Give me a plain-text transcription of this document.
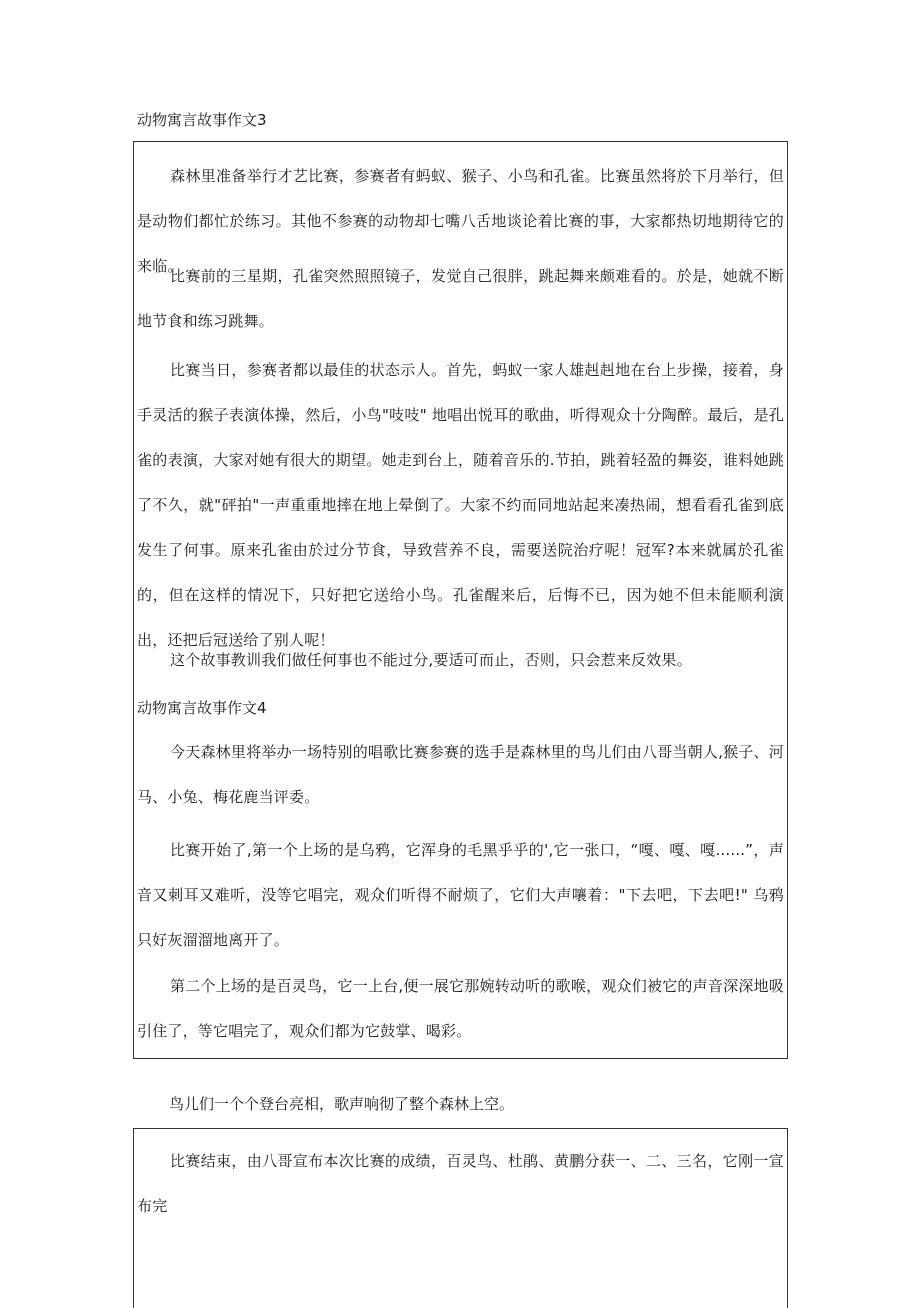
动物寓言故事作文3

森林里准备举行才艺比赛，参赛者有蚂蚁、猴子、小鸟和孔雀。比赛虽然将於下月举行，但是动物们都忙於练习。其他不参赛的动物却七嘴八舌地谈论着比赛的事，大家都热切地期待它的来临。

比赛前的三星期，孔雀突然照照镜子，发觉自己很胖，跳起舞来颇难看的。於是，她就不断地节食和练习跳舞。

比赛当日，参赛者都以最佳的状态示人。首先，蚂蚁一家人雄赳赳地在台上步操，接着，身手灵活的猴子表演体操，然后，小鸟"吱吱" 地唱出悦耳的歌曲，听得观众十分陶醉。最后，是孔雀的表演，大家对她有很大的期望。她走到台上，随着音乐的.节拍，跳着轻盈的舞姿，谁料她跳了不久，就"砰拍"一声重重地摔在地上晕倒了。大家不约而同地站起来凑热闹，想看看孔雀到底发生了何事。原来孔雀由於过分节食，导致营养不良，需要送院治疗呢！冠军?本来就属於孔雀的，但在这样的情况下，只好把它送给小鸟。孔雀醒来后，后悔不已，因为她不但未能顺利演出，还把后冠送给了别人呢！

这个故事教训我们做任何事也不能过分,要适可而止，否则，只会惹来反效果。

动物寓言故事作文4

今天森林里将举办一场特别的唱歌比赛参赛的选手是森林里的鸟儿们由八哥当朝人,猴子、河马、小兔、梅花鹿当评委。

比赛开始了,第一个上场的是乌鸦，它浑身的毛黑乎乎的',它一张口，“嘎、嘎、嘎......”，声音又刺耳又难听，没等它唱完，观众们听得不耐烦了，它们大声嚷着："下去吧，下去吧!" 乌鸦只好灰溜溜地离开了。

第二个上场的是百灵鸟，它一上台,便一展它那婉转动听的歌喉，观众们被它的声音深深地吸引住了，等它唱完了，观众们都为它鼓掌、喝彩。

鸟儿们一个个登台亮相，歌声响彻了整个森林上空。

比赛结束，由八哥宣布本次比赛的成绩，百灵鸟、杜鹃、黄鹏分获一、二、三名，它刚一宣布完
